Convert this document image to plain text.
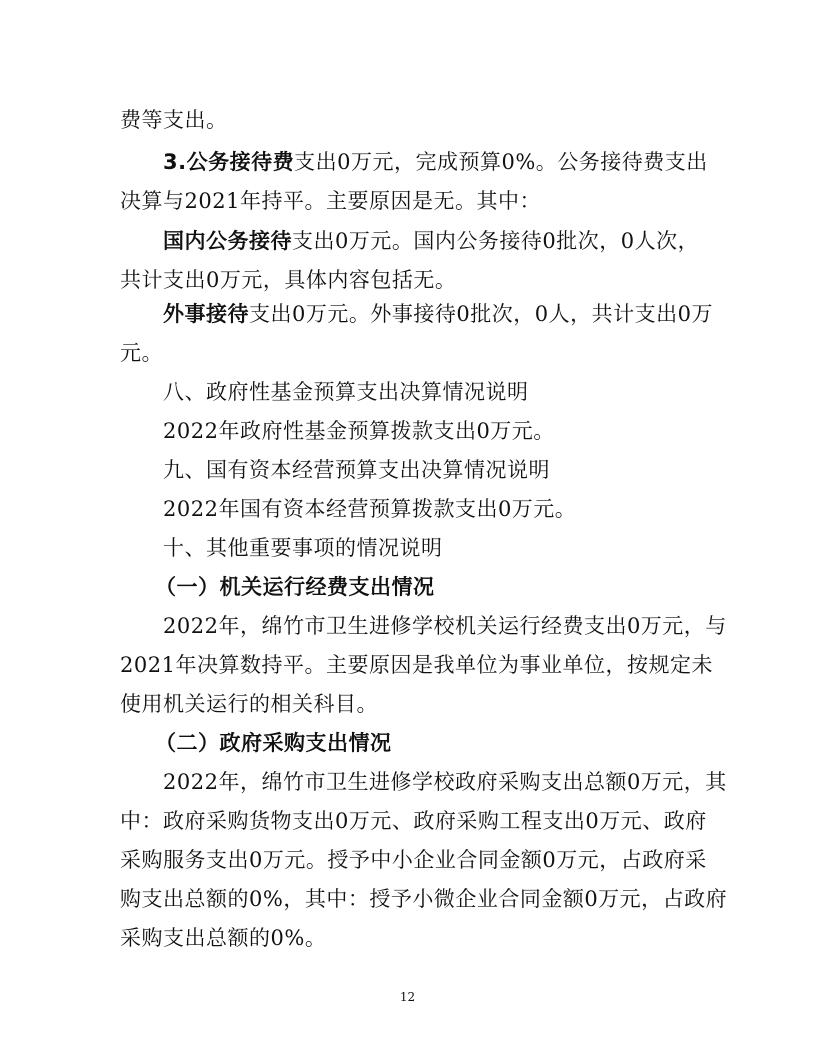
费等支出。
3.公务接待费支出0万元，完成预算0%。公务接待费支出
决算与2021年持平。主要原因是无。其中：
国内公务接待支出0万元。国内公务接待0批次，0人次，
共计支出0万元，具体内容包括无。
外事接待支出0万元。外事接待0批次，0人，共计支出0万
元。
八、政府性基金预算支出决算情况说明
2022年政府性基金预算拨款支出0万元。
九、国有资本经营预算支出决算情况说明
2022年国有资本经营预算拨款支出0万元。
十、其他重要事项的情况说明
（一）机关运行经费支出情况
2022年，绵竹市卫生进修学校机关运行经费支出0万元，与
2021年决算数持平。主要原因是我单位为事业单位，按规定未
使用机关运行的相关科目。
（二）政府采购支出情况
2022年，绵竹市卫生进修学校政府采购支出总额0万元，其
中：政府采购货物支出0万元、政府采购工程支出0万元、政府
采购服务支出0万元。授予中小企业合同金额0万元，占政府采
购支出总额的0%，其中：授予小微企业合同金额0万元，占政府
采购支出总额的0%。
12
